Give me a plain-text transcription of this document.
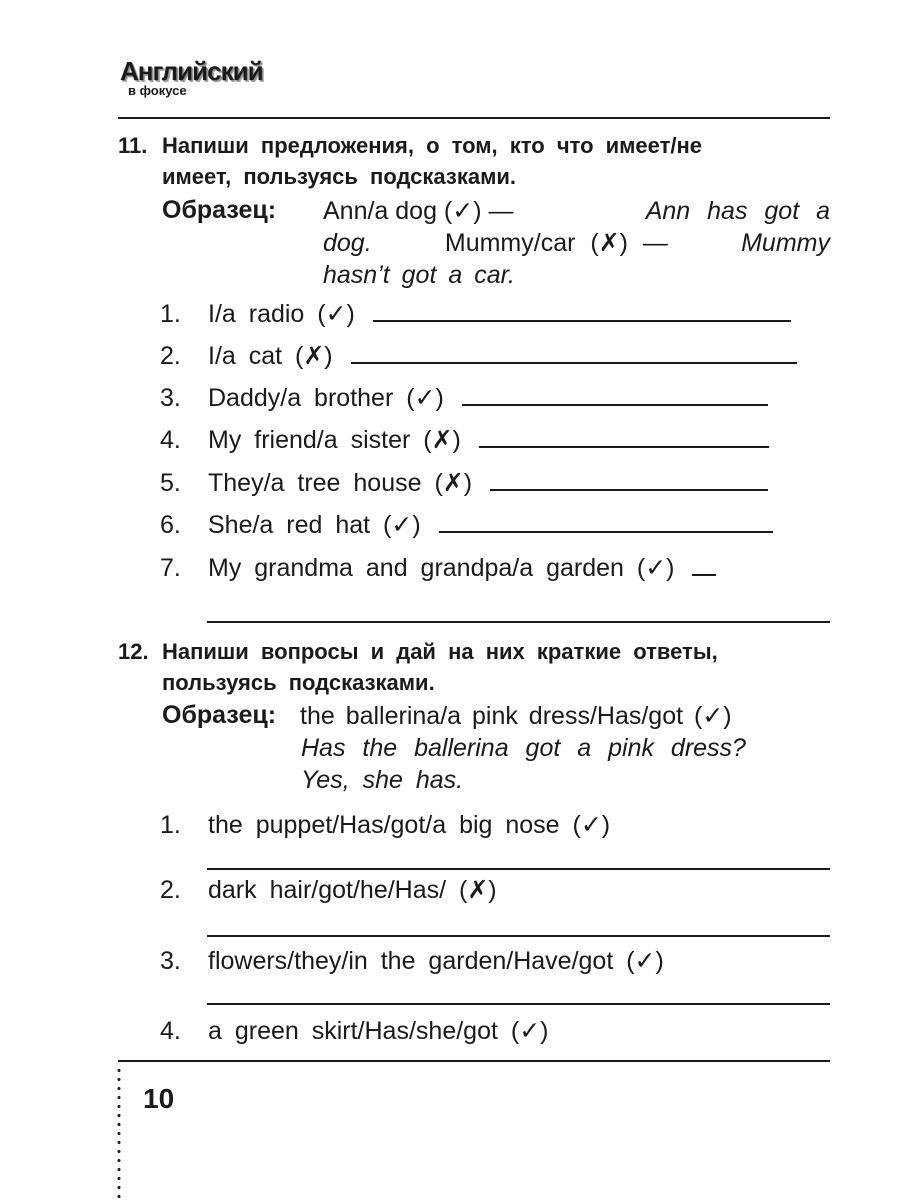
Английский
в фокусе
11. Напиши предложения, о том, кто что имеет/не
имеет, пользуясь подсказками.
Образец: Ann/a dog (✓) —	Ann has got a
dog. Mummy/car (✗) — Mummy
hasn’t got a car.
1.	I/a radio (✓)
2.	I/a cat (✗)
3.	Daddy/a brother (✓)
4.	My friend/a sister (✗)
5.	They/a tree house (✗)
6.	She/a red hat (✓)
7.	My grandma and grandpa/a garden (✓)
12. Напиши вопросы и дай на них краткие ответы,
пользуясь подсказками.
Образец: the ballerina/a pink dress/Has/got (✓)
Has the ballerina got a pink dress?
Yes, she has.
1.	the puppet/Has/got/a big nose (✓)
2.	dark hair/got/he/Has/ (✗)
3.	flowers/they/in the garden/Have/got (✓)
4.	a green skirt/Has/she/got (✓)
10
